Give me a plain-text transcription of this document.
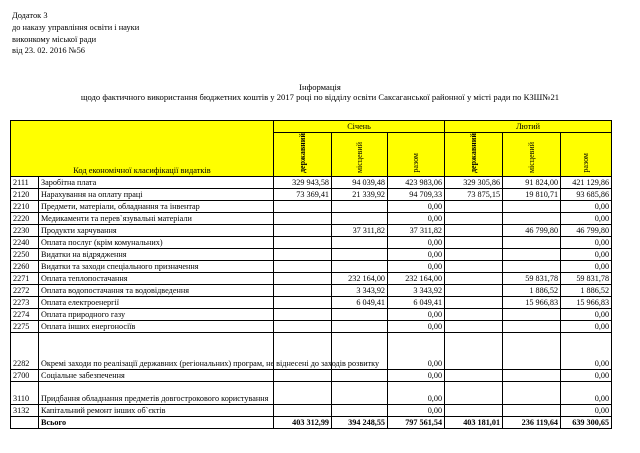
Додаток 3
до наказу управління освіти і науки
виконкому міської ради
від 23. 02. 2016 №56
Інформація
щодо фактичного використання бюджетних коштів у 2017 році по відділу освіти Саксаганської районної у місті ради по КЗШ№21
Код економічної класифікації видатків		Січень			Лютий		
		державний	місцевий	разом	державний	місцевий	разом
2111	Заробітна плата	329 943,58	94 039,48	423 983,06	329 305,86	91 824,00	421 129,86
2120	Нарахування на оплату праці	73 369,41	21 339,92	94 709,33	73 875,15	19 810,71	93 685,86
2210	Предмети, матеріали, обладнання та інвентар			0,00			0,00
2220	Медикаменти та перев`язувальні матеріали			0,00			0,00
2230	Продукти харчування		37 311,82	37 311,82		46 799,80	46 799,80
2240	Оплата послуг (крім комунальних)			0,00			0,00
2250	Видатки на відрядження			0,00			0,00
2260	Видатки та заходи спеціального призначення			0,00			0,00
2271	Оплата теплопостачання		232 164,00	232 164,00		59 831,78	59 831,78
2272	Оплата водопостачання та водовідведення		3 343,92	3 343,92		1 886,52	1 886,52
2273	Оплата електроенергії		6 049,41	6 049,41		15 966,83	15 966,83
2274	Оплата природного газу			0,00			0,00
2275	Оплата інших енергоносіїв			0,00			0,00
2282	Окремі заходи по реалізації державних (регіональних) програм, не віднесені до заходів розвитку			0,00			0,00
2700	Соціальне забезпечення			0,00			0,00
3110	Придбання обладнання предметів довгострокового користування			0,00			0,00
3132	Капітальний ремонт інших об`єктів			0,00			0,00
	Всього	403 312,99	394 248,55	797 561,54	403 181,01	236 119,64	639 300,65
